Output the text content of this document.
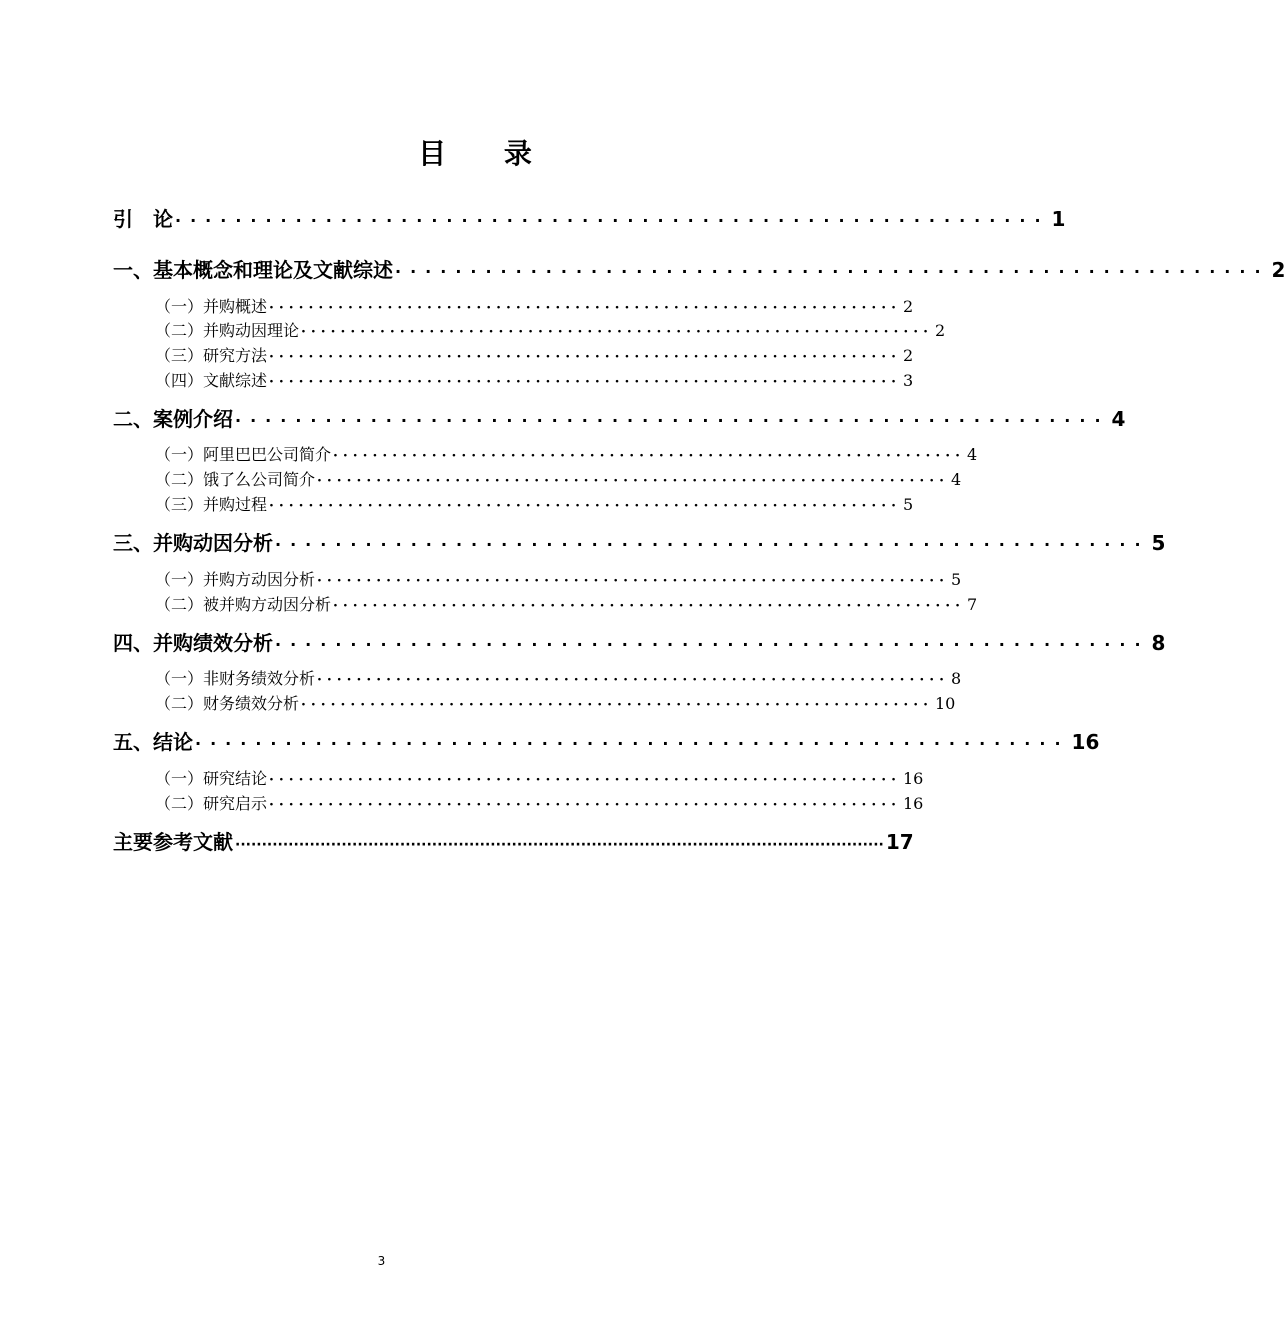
目 录
引　论 ·························································· 1
一、基本概念和理论及文献综述 ·························································· 2
（一）并购概述 ································································ 2
（二）并购动因理论 ································································ 2
（三）研究方法 ································································ 2
（四）文献综述 ································································ 3
二、案例介绍 ·························································· 4
（一）阿里巴巴公司简介 ································································ 4
（二）饿了么公司简介 ································································ 4
（三）并购过程 ································································ 5
三、并购动因分析 ·························································· 5
（一）并购方动因分析 ································································ 5
（二）被并购方动因分析 ································································ 7
四、并购绩效分析 ·························································· 8
（一）非财务绩效分析 ································································ 8
（二）财务绩效分析 ································································ 10
五、结论 ·························································· 16
（一）研究结论 ································································ 16
（二）研究启示 ································································ 16
主要参考文献 ·························································································································· 17
3
